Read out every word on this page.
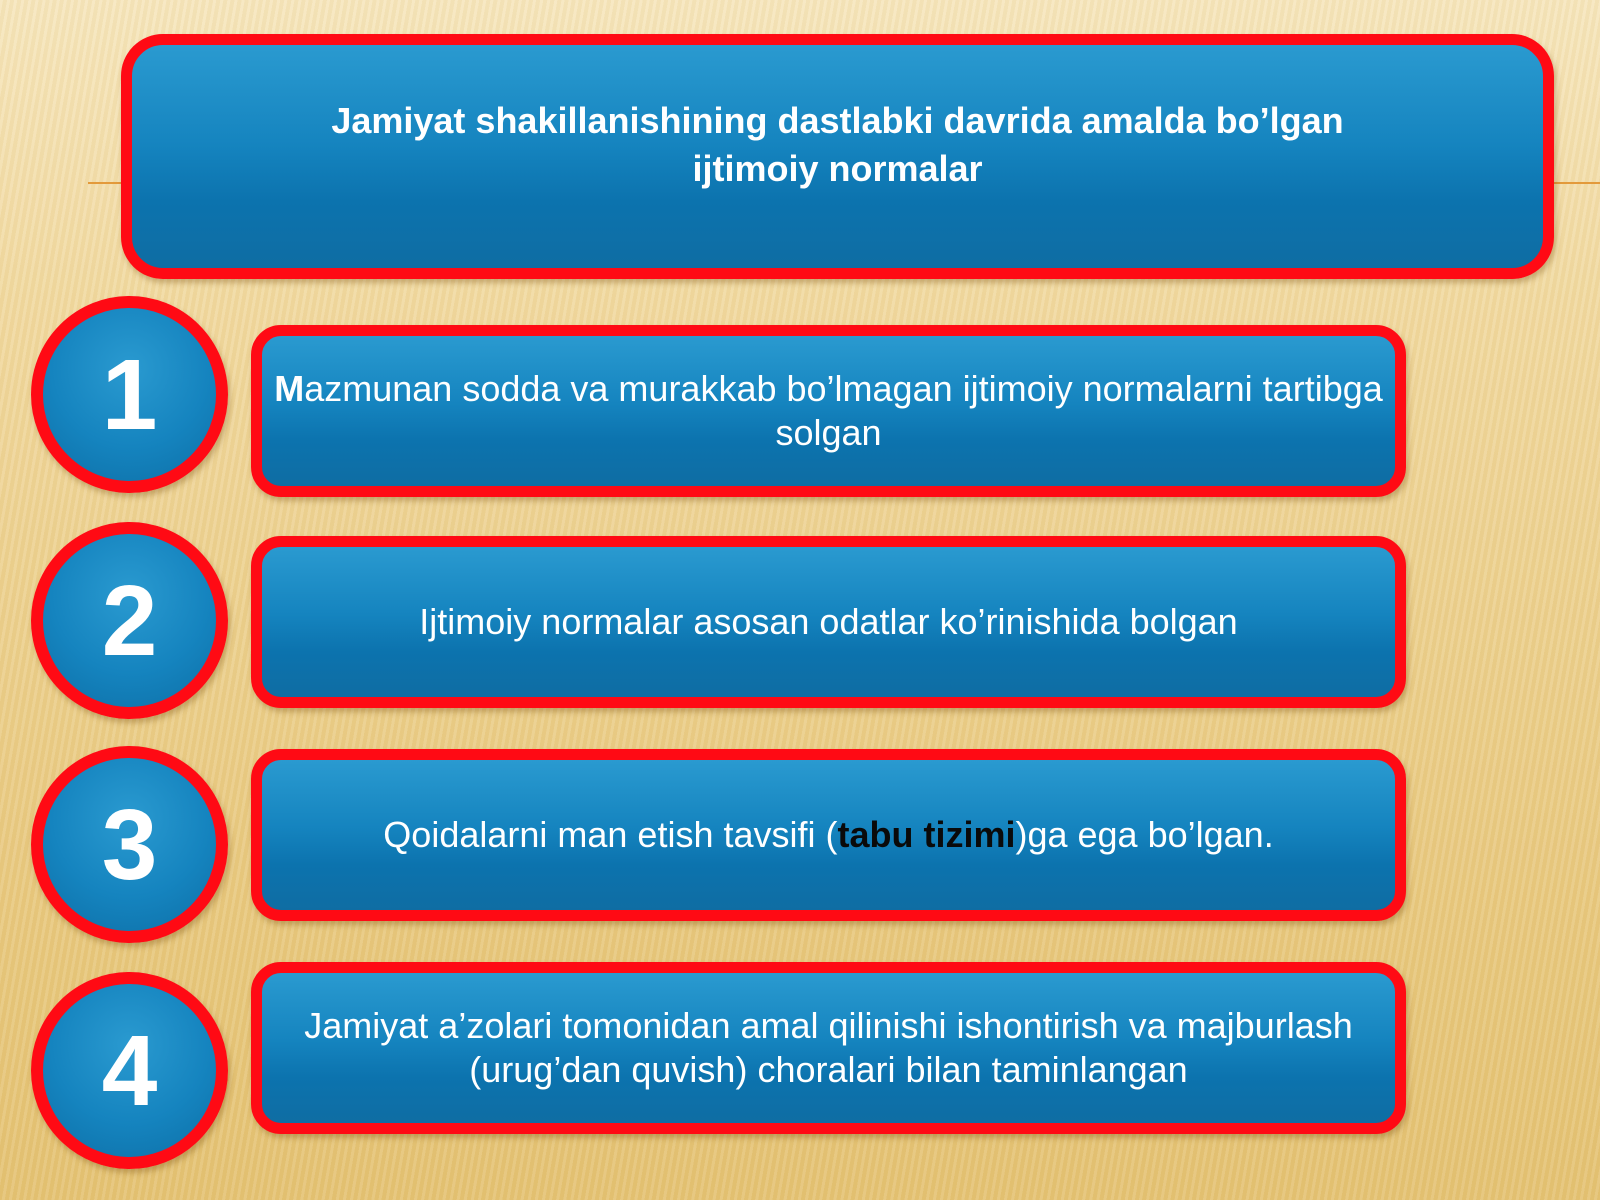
Jamiyat shakillanishining dastlabki davrida amalda bo’lgan ijtimoiy normalar
1	Mazmunan sodda va murakkab bo’lmagan ijtimoiy normalarni tartibga solgan
2	Ijtimoiy normalar asosan odatlar ko’rinishida bolgan
3	Qoidalarni man etish tavsifi (tabu tizimi)ga ega bo’lgan.
4	Jamiyat a’zolari tomonidan amal qilinishi ishontirish va majburlash (urug’dan quvish) choralari bilan taminlangan
